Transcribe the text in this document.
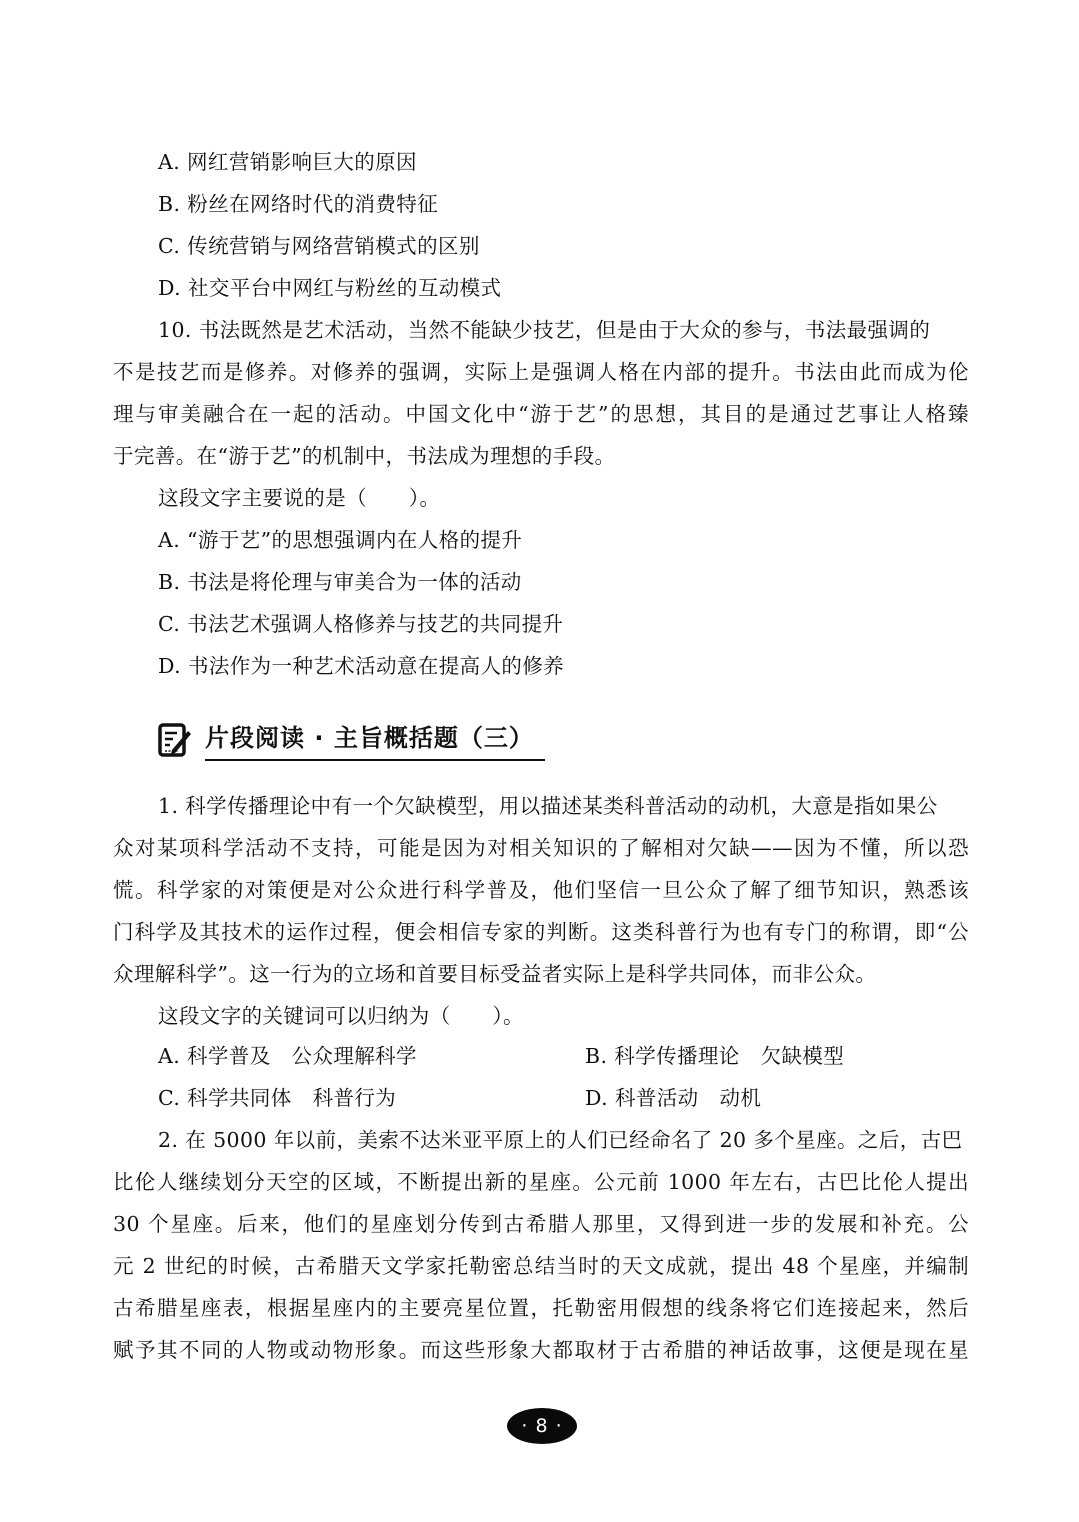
A. 网红营销影响巨大的原因
B. 粉丝在网络时代的消费特征
C. 传统营销与网络营销模式的区别
D. 社交平台中网红与粉丝的互动模式
10. 书法既然是艺术活动，当然不能缺少技艺，但是由于大众的参与，书法最强调的
不是技艺而是修养。对修养的强调，实际上是强调人格在内部的提升。书法由此而成为伦
理与审美融合在一起的活动。中国文化中“游于艺”的思想，其目的是通过艺事让人格臻
于完善。在“游于艺”的机制中，书法成为理想的手段。
这段文字主要说的是（　　）。
A. “游于艺”的思想强调内在人格的提升
B. 书法是将伦理与审美合为一体的活动
C. 书法艺术强调人格修养与技艺的共同提升
D. 书法作为一种艺术活动意在提高人的修养
片段阅读 · 主旨概括题（三）
1. 科学传播理论中有一个欠缺模型，用以描述某类科普活动的动机，大意是指如果公
众对某项科学活动不支持，可能是因为对相关知识的了解相对欠缺——因为不懂，所以恐
慌。科学家的对策便是对公众进行科学普及，他们坚信一旦公众了解了细节知识，熟悉该
门科学及其技术的运作过程，便会相信专家的判断。这类科普行为也有专门的称谓，即“公
众理解科学”。这一行为的立场和首要目标受益者实际上是科学共同体，而非公众。
这段文字的关键词可以归纳为（　　）。
A. 科学普及　公众理解科学	B. 科学传播理论　欠缺模型
C. 科学共同体　科普行为	D. 科普活动　动机
2. 在 5000 年以前，美索不达米亚平原上的人们已经命名了 20 多个星座。之后，古巴
比伦人继续划分天空的区域，不断提出新的星座。公元前 1000 年左右，古巴比伦人提出
30 个星座。后来，他们的星座划分传到古希腊人那里，又得到进一步的发展和补充。公
元 2 世纪的时候，古希腊天文学家托勒密总结当时的天文成就，提出 48 个星座，并编制
古希腊星座表，根据星座内的主要亮星位置，托勒密用假想的线条将它们连接起来，然后
赋予其不同的人物或动物形象。而这些形象大都取材于古希腊的神话故事，这便是现在星
· 8 ·
